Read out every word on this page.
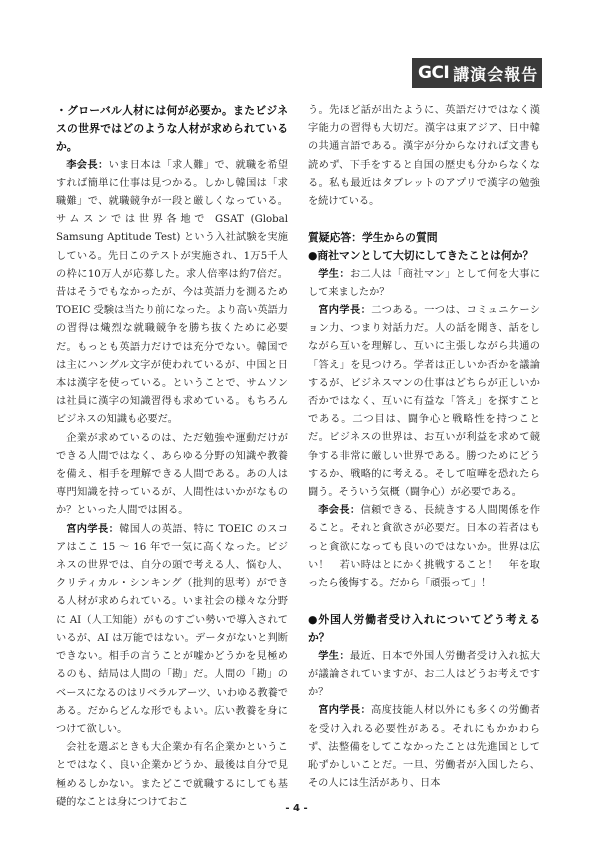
GCI 講演会報告

・グローバル人材には何が必要か。またビジネスの世界ではどのような人材が求められているか。

李会長：いま日本は「求人難」で、就職を希望すれば簡単に仕事は見つかる。しかし韓国は「求職難」で、就職競争が一段と厳しくなっている。サムスンでは世界各地で GSAT (Global Samsung Aptitude Test) という入社試験を実施している。先日このテストが実施され、1万5千人の枠に10万人が応募した。求人倍率は約7倍だ。昔はそうでもなかったが、今は英語力を測るため TOEIC 受験は当たり前になった。より高い英語力の習得は熾烈な就職競争を勝ち抜くために必要だ。もっとも英語力だけでは充分でない。韓国では主にハングル文字が使われているが、中国と日本は漢字を使っている。ということで、サムソンは社員に漢字の知識習得も求めている。もちろんビジネスの知識も必要だ。

企業が求めているのは、ただ勉強や運動だけができる人間ではなく、あらゆる分野の知識や教養を備え、相手を理解できる人間である。あの人は専門知識を持っているが、人間性はいかがなものか？といった人間では困る。

宮内学長：韓国人の英語、特に TOEIC のスコアはここ 15 〜 16 年で一気に高くなった。ビジネスの世界では、自分の頭で考える人、悩む人、クリティカル・シンキング（批判的思考）ができる人材が求められている。いま社会の様々な分野に AI（人工知能）がものすごい勢いで導入されているが、AI は万能ではない。データがないと判断できない。相手の言うことが嘘かどうかを見極めるのも、結局は人間の「勘」だ。人間の「勘」のベースになるのはリベラルアーツ、いわゆる教養である。だからどんな形でもよい。広い教養を身につけて欲しい。

会社を選ぶときも大企業か有名企業かということではなく、良い企業かどうか、最後は自分で見極めるしかない。またどこで就職するにしても基礎的なことは身につけておこ

う。先ほど話が出たように、英語だけではなく漢字能力の習得も大切だ。漢字は東アジア、日中韓の共通言語である。漢字が分からなければ文書も読めず、下手をすると自国の歴史も分からなくなる。私も最近はタブレットのアプリで漢字の勉強を続けている。

質疑応答：学生からの質問

●商社マンとして大切にしてきたことは何か？

学生：お二人は「商社マン」として何を大事にして来ましたか？

宮内学長：二つある。一つは、コミュニケーション力、つまり対話力だ。人の話を聞き、話をしながら互いを理解し、互いに主張しながら共通の「答え」を見つけろ。学者は正しいか否かを議論するが、ビジネスマンの仕事はどちらが正しいか否かではなく、互いに有益な「答え」を探すことである。二つ目は、闘争心と戦略性を持つことだ。ビジネスの世界は、お互いが利益を求めて競争する非常に厳しい世界である。勝つためにどうするか、戦略的に考える。そして喧嘩を恐れたら闘う。そういう気概（闘争心）が必要である。

李会長：信頼できる、長続きする人間関係を作ること。それと貪欲さが必要だ。日本の若者はもっと貪欲になっても良いのではないか。世界は広い！　若い時はとにかく挑戦すること！　年を取ったら後悔する。だから「頑張って」！

●外国人労働者受け入れについてどう考えるか？

学生：最近、日本で外国人労働者受け入れ拡大が議論されていますが、お二人はどうお考えですか？

宮内学長：高度技能人材以外にも多くの労働者を受け入れる必要性がある。それにもかかわらず、法整備をしてこなかったことは先進国として恥ずかしいことだ。一旦、労働者が入国したら、その人には生活があり、日本

- 4 -
